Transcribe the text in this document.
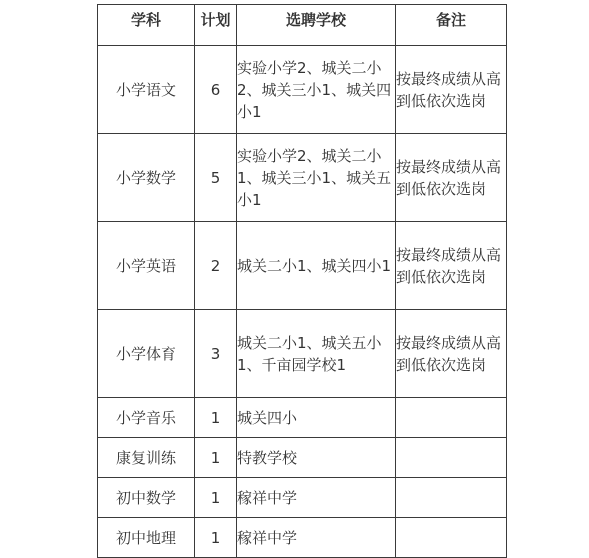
学科	计划	选聘学校	备注
小学语文	6	实验小学2、城关二小2、城关三小1、城关四小1	按最终成绩从高到低依次选岗
小学数学	5	实验小学2、城关二小1、城关三小1、城关五小1	按最终成绩从高到低依次选岗
小学英语	2	城关二小1、城关四小1	按最终成绩从高到低依次选岗
小学体育	3	城关二小1、城关五小1、千亩园学校1	按最终成绩从高到低依次选岗
小学音乐	1	城关四小	
康复训练	1	特教学校	
初中数学	1	稼祥中学	
初中地理	1	稼祥中学	
